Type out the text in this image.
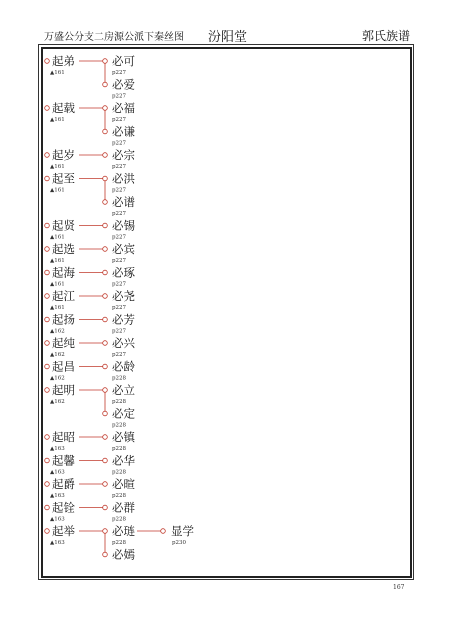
万盛公分支二房源公派下秦丝图 汾阳堂	郭氏族谱
起弟
▲161
必可
p227
必爱
p227
起载
▲161
必福
p227
必谦
p227
起岁
▲161
必宗
p227
起至
▲161
必洪
p227
必谱
p227
起贤
▲161
必锡
p227
起选
▲161
必宾
p227
起海
▲161
必琢
p227
起江
▲161
必尧
p227
起扬
▲162
必芳
p227
起纯
▲162
必兴
p227
起昌
▲162
必龄
p228
起明
▲162
必立
p228
必定
p228
起昭
▲163
必镇
p228
起馨
▲163
必华
p228
起爵
▲163
必暄
p228
起铨
▲163
必群
p228
起举
▲163
必琏
p228
显学
p230
必嫣
167
